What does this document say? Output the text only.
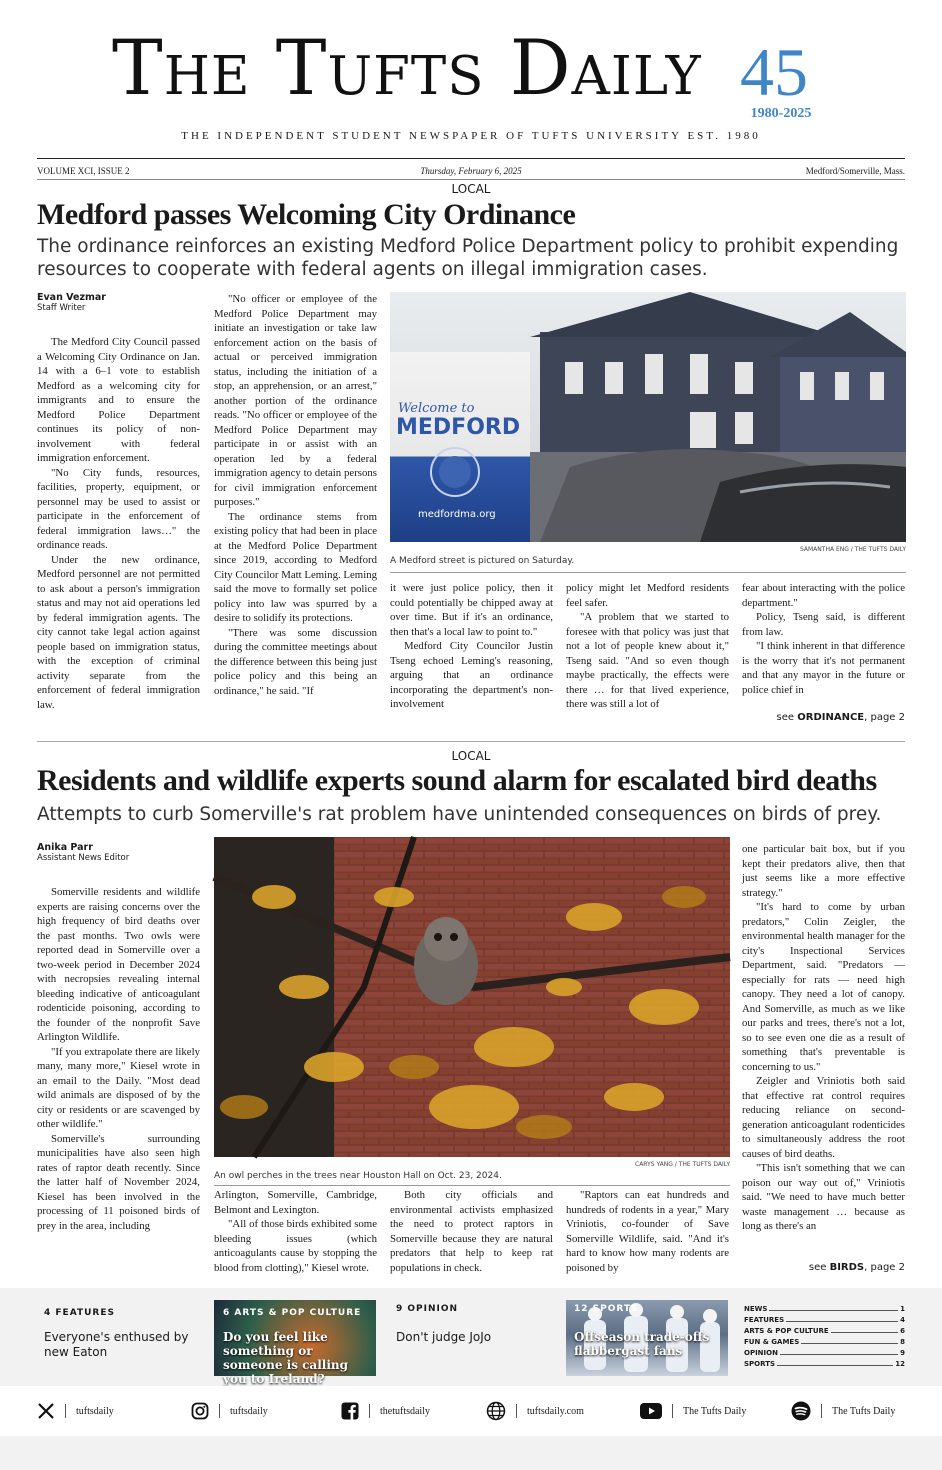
The Tufts Daily 45
1980-2025
THE INDEPENDENT STUDENT NEWSPAPER OF TUFTS UNIVERSITY EST. 1980
VOLUME XCI, ISSUE 2	Thursday, February 6, 2025	Medford/Somerville, Mass.
LOCAL
Medford passes Welcoming City Ordinance
The ordinance reinforces an existing Medford Police Department policy to prohibit expending resources to cooperate with federal agents on illegal immigration cases.
Evan Vezmar
Staff Writer

The Medford City Council passed a Welcoming City Ordinance on Jan. 14 with a 6–1 vote to establish Medford as a welcoming city for immigrants and to ensure the Medford Police Department continues its policy of non-involvement with federal immigration enforcement.

"No City funds, resources, facilities, property, equipment, or personnel may be used to assist or participate in the enforcement of federal immigration laws…" the ordinance reads.

Under the new ordinance, Medford personnel are not permitted to ask about a person's immigration status and may not aid operations led by federal immigration agents. The city cannot take legal action against people based on immigration status, with the exception of criminal activity separate from the enforcement of federal immigration law.

"No officer or employee of the Medford Police Department may initiate an investigation or take law enforcement action on the basis of actual or perceived immigration status, including the initiation of a stop, an apprehension, or an arrest," another portion of the ordinance reads. "No officer or employee of the Medford Police Department may participate in or assist with an operation led by a federal immigration agency to detain persons for civil immigration enforcement purposes."

The ordinance stems from existing policy that had been in place at the Medford Police Department since 2019, according to Medford City Councilor Matt Leming. Leming said the move to formally set police policy into law was spurred by a desire to solidify its protections.

"There was some discussion during the committee meetings about the difference between this being just police policy and this being an ordinance," he said. "If

Welcome to
MEDFORD
medfordma.org
SAMANTHA ENG / THE TUFTS DAILY
A Medford street is pictured on Saturday.

it were just police policy, then it could potentially be chipped away at over time. But if it's an ordinance, then that's a local law to point to."

Medford City Councilor Justin Tseng echoed Leming's reasoning, arguing that an ordinance incorporating the department's non-involvement

policy might let Medford residents feel safer.

"A problem that we started to foresee with that policy was just that not a lot of people knew about it," Tseng said. "And so even though maybe practically, the effects were there … for that lived experience, there was still a lot of

fear about interacting with the police department."

Policy, Tseng said, is different from law.

"I think inherent in that difference is the worry that it's not permanent and that any mayor in the future or police chief in

see ORDINANCE, page 2
LOCAL
Residents and wildlife experts sound alarm for escalated bird deaths
Attempts to curb Somerville's rat problem have unintended consequences on birds of prey.
Anika Parr
Assistant News Editor

Somerville residents and wildlife experts are raising concerns over the high frequency of bird deaths over the past months. Two owls were reported dead in Somerville over a two-week period in December 2024 with necropsies revealing internal bleeding indicative of anticoagulant rodenticide poisoning, according to the founder of the nonprofit Save Arlington Wildlife.

"If you extrapolate there are likely many, many more," Kiesel wrote in an email to the Daily. "Most dead wild animals are disposed of by the city or residents or are scavenged by other wildlife."

Somerville's surrounding municipalities have also seen high rates of raptor death recently. Since the latter half of November 2024, Kiesel has been involved in the processing of 11 poisoned birds of prey in the area, including

CARYS YANG / THE TUFTS DAILY
An owl perches in the trees near Houston Hall on Oct. 23, 2024.

Arlington, Somerville, Cambridge, Belmont and Lexington.

"All of those birds exhibited some bleeding issues (which anticoagulants cause by stopping the blood from clotting)," Kiesel wrote.

Both city officials and environmental activists emphasized the need to protect raptors in Somerville because they are natural predators that help to keep rat populations in check.

"Raptors can eat hundreds and hundreds of rodents in a year," Mary Vriniotis, co-founder of Save Somerville Wildlife, said. "And it's hard to know how many rodents are poisoned by

one particular bait box, but if you kept their predators alive, then that just seems like a more effective strategy."

"It's hard to come by urban predators," Colin Zeigler, the environmental health manager for the city's Inspectional Services Department, said. "Predators — especially for rats — need high canopy. They need a lot of canopy. And Somerville, as much as we like our parks and trees, there's not a lot, so to see even one die as a result of something that's preventable is concerning to us."

Zeigler and Vriniotis both said that effective rat control requires reducing reliance on second-generation anticoagulant rodenticides to simultaneously address the root causes of bird deaths.

"This isn't something that we can poison our way out of," Vriniotis said. "We need to have much better waste management … because as long as there's an

see BIRDS, page 2
4 FEATURES
Everyone's enthused by new Eaton
6 ARTS & POP CULTURE
Do you feel like something or someone is calling you to Ireland?
9 OPINION
Don't judge JoJo
12 SPORTS
Offseason trade-offs flabbergast fans
NEWS	1
FEATURES	4
ARTS & POP CULTURE	6
FUN & GAMES	8
OPINION	9
SPORTS	12
tuftsdaily	tuftsdaily	thetuftsdaily	tuftsdaily.com	The Tufts Daily	The Tufts Daily
